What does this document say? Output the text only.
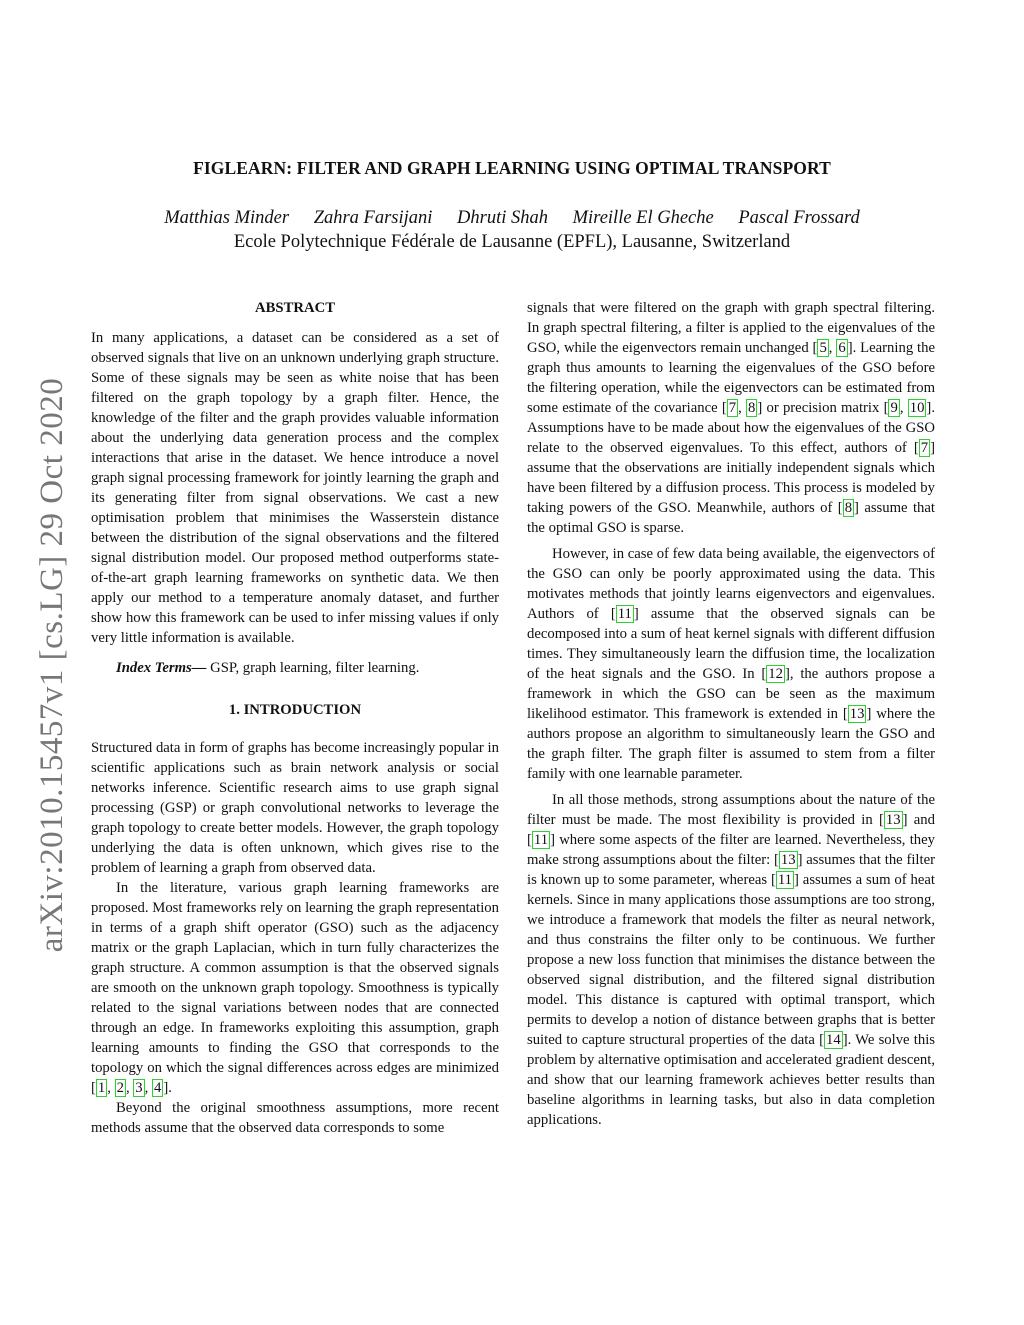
arXiv:2010.15457v1 [cs.LG] 29 Oct 2020
FIGLEARN: FILTER AND GRAPH LEARNING USING OPTIMAL TRANSPORT
Matthias Minder Zahra Farsijani Dhruti Shah Mireille El Gheche Pascal Frossard
Ecole Polytechnique Fédérale de Lausanne (EPFL), Lausanne, Switzerland
ABSTRACT

In many applications, a dataset can be considered as a set of observed signals that live on an unknown underlying graph structure. Some of these signals may be seen as white noise that has been filtered on the graph topology by a graph filter. Hence, the knowledge of the filter and the graph provides valuable information about the underlying data generation process and the complex interactions that arise in the dataset. We hence introduce a novel graph signal processing framework for jointly learning the graph and its generating filter from signal observations. We cast a new optimisation problem that minimises the Wasserstein distance between the distribution of the signal observations and the filtered signal distribution model. Our proposed method outperforms state-of-the-art graph learning frameworks on synthetic data. We then apply our method to a temperature anomaly dataset, and further show how this framework can be used to infer missing values if only very little information is available.

Index Terms— GSP, graph learning, filter learning.

1. INTRODUCTION

Structured data in form of graphs has become increasingly popular in scientific applications such as brain network analysis or social networks inference. Scientific research aims to use graph signal processing (GSP) or graph convolutional networks to leverage the graph topology to create better models. However, the graph topology underlying the data is often unknown, which gives rise to the problem of learning a graph from observed data.

In the literature, various graph learning frameworks are proposed. Most frameworks rely on learning the graph representation in terms of a graph shift operator (GSO) such as the adjacency matrix or the graph Laplacian, which in turn fully characterizes the graph structure. A common assumption is that the observed signals are smooth on the unknown graph topology. Smoothness is typically related to the signal variations between nodes that are connected through an edge. In frameworks exploiting this assumption, graph learning amounts to finding the GSO that corresponds to the topology on which the signal differences across edges are minimized [ 1 , 2 , 3 , 4 ].

Beyond the original smoothness assumptions, more recent methods assume that the observed data corresponds to some

signals that were filtered on the graph with graph spectral filtering. In graph spectral filtering, a filter is applied to the eigenvalues of the GSO, while the eigenvectors remain unchanged [ 5 , 6 ]. Learning the graph thus amounts to learning the eigenvalues of the GSO before the filtering operation, while the eigenvectors can be estimated from some estimate of the covariance [ 7 , 8 ] or precision matrix [ 9 , 10 ]. Assumptions have to be made about how the eigenvalues of the GSO relate to the observed eigenvalues. To this effect, authors of [ 7 ] assume that the observations are initially independent signals which have been filtered by a diffusion process. This process is modeled by taking powers of the GSO. Meanwhile, authors of [ 8 ] assume that the optimal GSO is sparse.

However, in case of few data being available, the eigenvectors of the GSO can only be poorly approximated using the data. This motivates methods that jointly learns eigenvectors and eigenvalues. Authors of [ 11 ] assume that the observed signals can be decomposed into a sum of heat kernel signals with different diffusion times. They simultaneously learn the diffusion time, the localization of the heat signals and the GSO. In [ 12 ], the authors propose a framework in which the GSO can be seen as the maximum likelihood estimator. This framework is extended in [ 13 ] where the authors propose an algorithm to simultaneously learn the GSO and the graph filter. The graph filter is assumed to stem from a filter family with one learnable parameter.

In all those methods, strong assumptions about the nature of the filter must be made. The most flexibility is provided in [ 13 ] and [ 11 ] where some aspects of the filter are learned. Nevertheless, they make strong assumptions about the filter: [ 13 ] assumes that the filter is known up to some parameter, whereas [ 11 ] assumes a sum of heat kernels. Since in many applications those assumptions are too strong, we introduce a framework that models the filter as neural network, and thus constrains the filter only to be continuous. We further propose a new loss function that minimises the distance between the observed signal distribution, and the filtered signal distribution model. This distance is captured with optimal transport, which permits to develop a notion of distance between graphs that is better suited to capture structural properties of the data [ 14 ]. We solve this problem by alternative optimisation and accelerated gradient descent, and show that our learning framework achieves better results than baseline algorithms in learning tasks, but also in data completion applications.
